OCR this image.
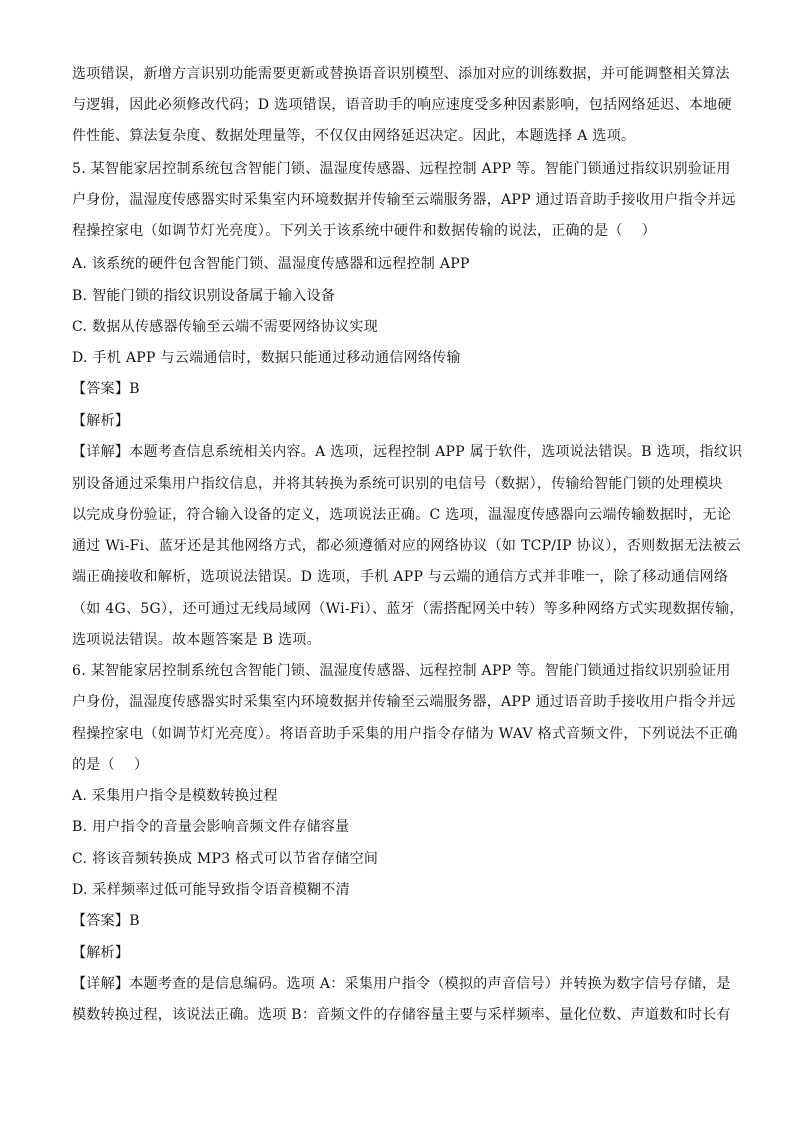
选项错误，新增方言识别功能需要更新或替换语音识别模型、添加对应的训练数据，并可能调整相关算法
与逻辑，因此必须修改代码；D 选项错误，语音助手的响应速度受多种因素影响，包括网络延迟、本地硬
件性能、算法复杂度、数据处理量等，不仅仅由网络延迟决定。因此，本题选择 A 选项。
5. 某智能家居控制系统包含智能门锁、温湿度传感器、远程控制 APP 等。智能门锁通过指纹识别验证用
户身份，温湿度传感器实时采集室内环境数据并传输至云端服务器，APP 通过语音助手接收用户指令并远
程操控家电（如调节灯光亮度）。下列关于该系统中硬件和数据传输的说法，正确的是（　 ）
A. 该系统的硬件包含智能门锁、温湿度传感器和远程控制 APP
B. 智能门锁的指纹识别设备属于输入设备
C. 数据从传感器传输至云端不需要网络协议实现
D. 手机 APP 与云端通信时，数据只能通过移动通信网络传输
【答案】B
【解析】
【详解】本题考查信息系统相关内容。A 选项，远程控制 APP 属于软件，选项说法错误。B 选项，指纹识
别设备通过采集用户指纹信息，并将其转换为系统可识别的电信号（数据），传输给智能门锁的处理模块
以完成身份验证，符合输入设备的定义，选项说法正确。C 选项，温湿度传感器向云端传输数据时，无论
通过 Wi-Fi、蓝牙还是其他网络方式，都必须遵循对应的网络协议（如 TCP/IP 协议），否则数据无法被云
端正确接收和解析，选项说法错误。D 选项，手机 APP 与云端的通信方式并非唯一，除了移动通信网络
（如 4G、5G），还可通过无线局域网（Wi-Fi）、蓝牙（需搭配网关中转）等多种网络方式实现数据传输，
选项说法错误。故本题答案是 B 选项。
6. 某智能家居控制系统包含智能门锁、温湿度传感器、远程控制 APP 等。智能门锁通过指纹识别验证用
户身份，温湿度传感器实时采集室内环境数据并传输至云端服务器，APP 通过语音助手接收用户指令并远
程操控家电（如调节灯光亮度）。将语音助手采集的用户指令存储为 WAV 格式音频文件，下列说法不正确
的是（　 ）
A. 采集用户指令是模数转换过程
B. 用户指令的音量会影响音频文件存储容量
C. 将该音频转换成 MP3 格式可以节省存储空间
D. 采样频率过低可能导致指令语音模糊不清
【答案】B
【解析】
【详解】本题考查的是信息编码。选项 A：采集用户指令（模拟的声音信号）并转换为数字信号存储，是
模数转换过程，该说法正确。选项 B：音频文件的存储容量主要与采样频率、量化位数、声道数和时长有
